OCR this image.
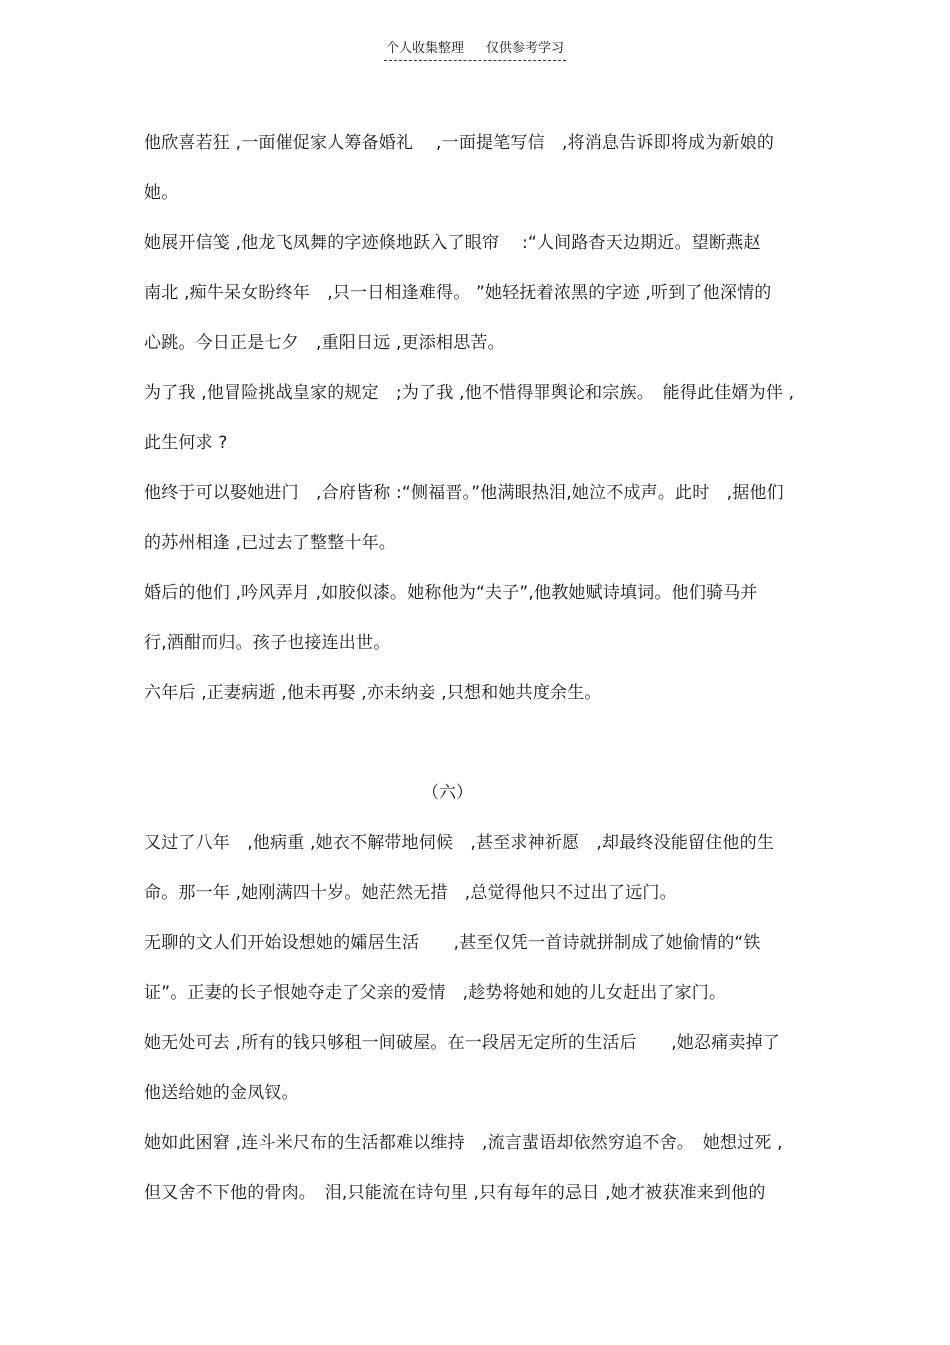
个人收集整理 仅供参考学习
他欣喜若狂 ,一面催促家人筹备婚礼　 ,一面提笔写信　,将消息告诉即将成为新娘的
她。
她展开信笺 ,他龙飞凤舞的字迹倏地跃入了眼帘　 :“人间路杳天边期近。望断燕赵
南北 ,痴牛呆女盼终年　,只一日相逢难得。 ”她轻抚着浓黑的字迹 ,听到了他深情的
心跳。今日正是七夕　,重阳日远 ,更添相思苦。
为了我 ,他冒险挑战皇家的规定　;为了我 ,他不惜得罪舆论和宗族。　能得此佳婿为伴 ,
此生何求 ?
他终于可以娶她进门　,合府皆称 :“侧福晋。”他满眼热泪,她泣不成声。此时　,据他们
的苏州相逢 ,已过去了整整十年。
婚后的他们 ,吟风弄月 ,如胶似漆。她称他为“夫子”,他教她赋诗填词。他们骑马并
行,酒酣而归。孩子也接连出世。
六年后 ,正妻病逝 ,他未再娶 ,亦未纳妾 ,只想和她共度余生。
（六）
又过了八年　,他病重 ,她衣不解带地伺候　,甚至求神祈愿　,却最终没能留住他的生
命。那一年 ,她刚满四十岁。她茫然无措　,总觉得他只不过出了远门。
无聊的文人们开始设想她的孀居生活　　,甚至仅凭一首诗就拼制成了她偷情的“铁
证”。正妻的长子恨她夺走了父亲的爱情　,趁势将她和她的儿女赶出了家门。
她无处可去 ,所有的钱只够租一间破屋。在一段居无定所的生活后　　,她忍痛卖掉了
他送给她的金凤钗。
她如此困窘 ,连斗米尺布的生活都难以维持　,流言蜚语却依然穷追不舍。　她想过死 ,
但又舍不下他的骨肉。　泪,只能流在诗句里 ,只有每年的忌日 ,她才被获准来到他的
